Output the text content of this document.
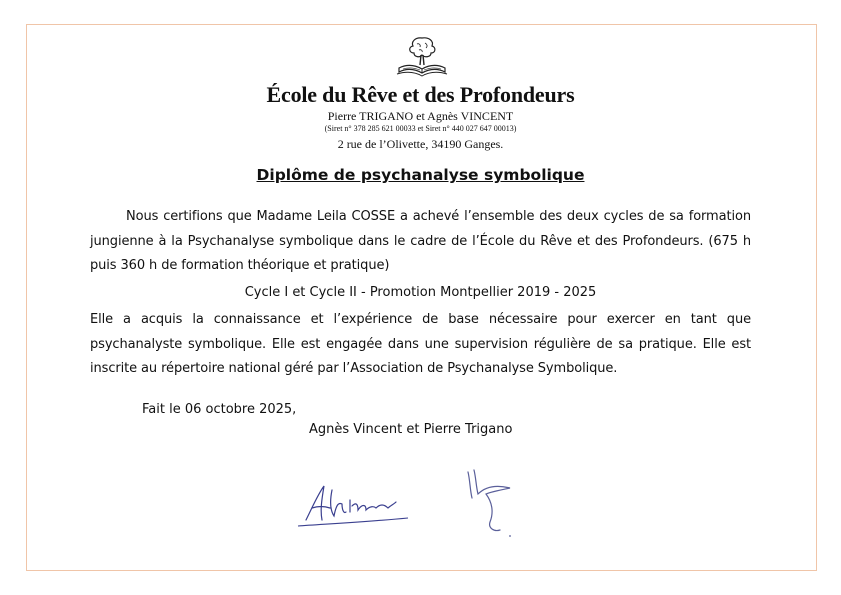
École du Rêve et des Profondeurs
Pierre TRIGANO et Agnès VINCENT
(Siret n° 378 285 621 00033 et Siret n° 440 027 647 00013)
2 rue de l’Olivette, 34190 Ganges.
Diplôme de psychanalyse symbolique

Nous certifions que Madame Leila COSSE a achevé l’ensemble des deux cycles de sa formation jungienne à la Psychanalyse symbolique dans le cadre de l’École du Rêve et des Profondeurs. (675 h puis 360 h de formation théorique et pratique)

Cycle I et Cycle II - Promotion Montpellier 2019 - 2025

Elle a acquis la connaissance et l’expérience de base nécessaire pour exercer en tant que psychanalyste symbolique. Elle est engagée dans une supervision régulière de sa pratique. Elle est inscrite au répertoire national géré par l’Association de Psychanalyse Symbolique.

Fait le 06 octobre 2025,
Agnès Vincent et Pierre Trigano
